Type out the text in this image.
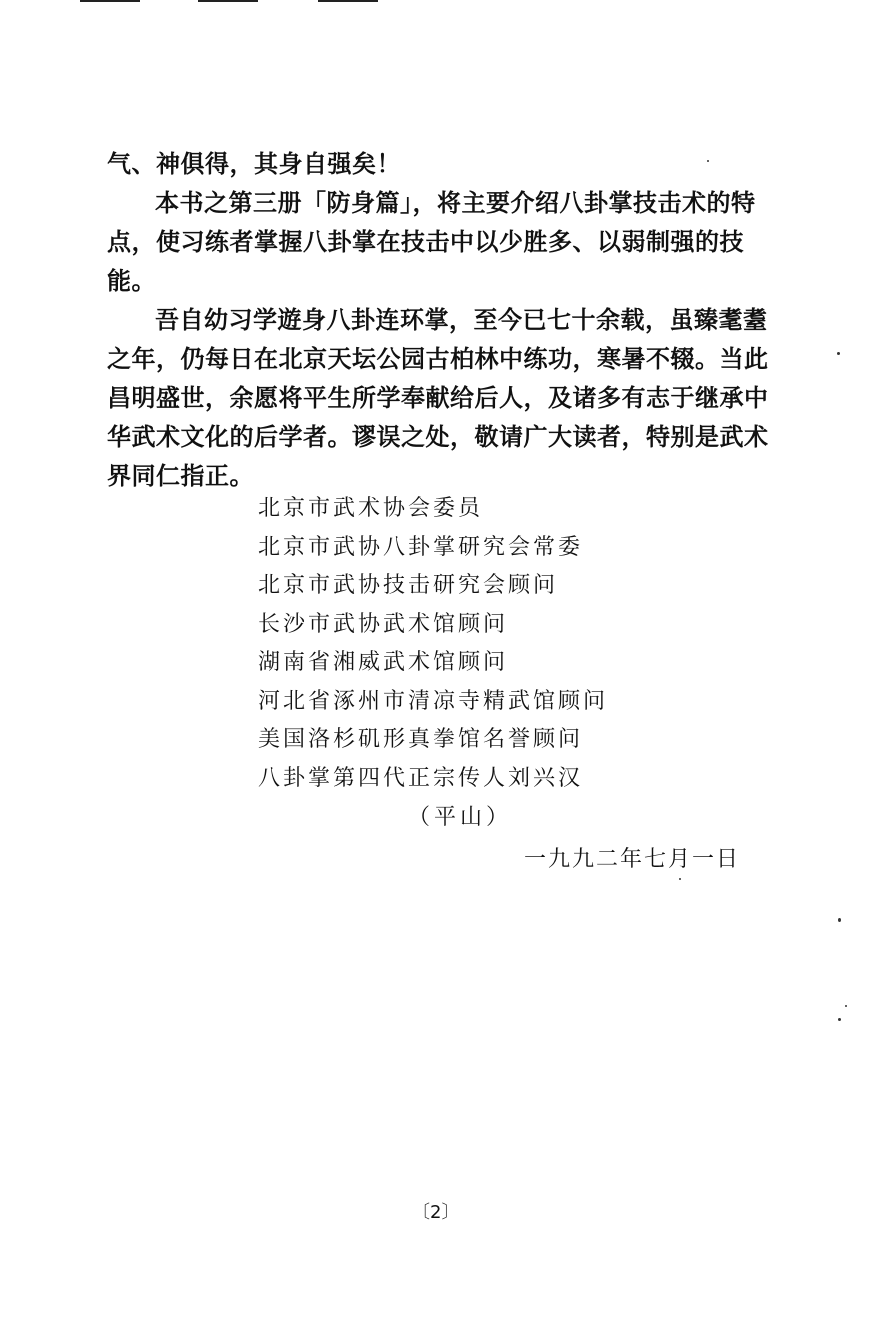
气、神俱得，其身自强矣！

本书之第三册「防身篇」，将主要介绍八卦掌技击术的特点，使习练者掌握八卦掌在技击中以少胜多、以弱制强的技能。

吾自幼习学遊身八卦连环掌，至今已七十余载，虽臻耄耋之年，仍每日在北京天坛公园古柏林中练功，寒暑不辍。当此昌明盛世，余愿将平生所学奉献给后人，及诸多有志于继承中华武术文化的后学者。谬误之处，敬请广大读者，特别是武术界同仁指正。

北京市武术协会委员
北京市武协八卦掌研究会常委
北京市武协技击研究会顾问
长沙市武协武术馆顾问
湖南省湘威武术馆顾问
河北省涿州市清凉寺精武馆顾问
美国洛杉矶形真拳馆名誉顾问
八卦掌第四代正宗传人刘兴汉
（平山）
一九九二年七月一日
〔2〕
